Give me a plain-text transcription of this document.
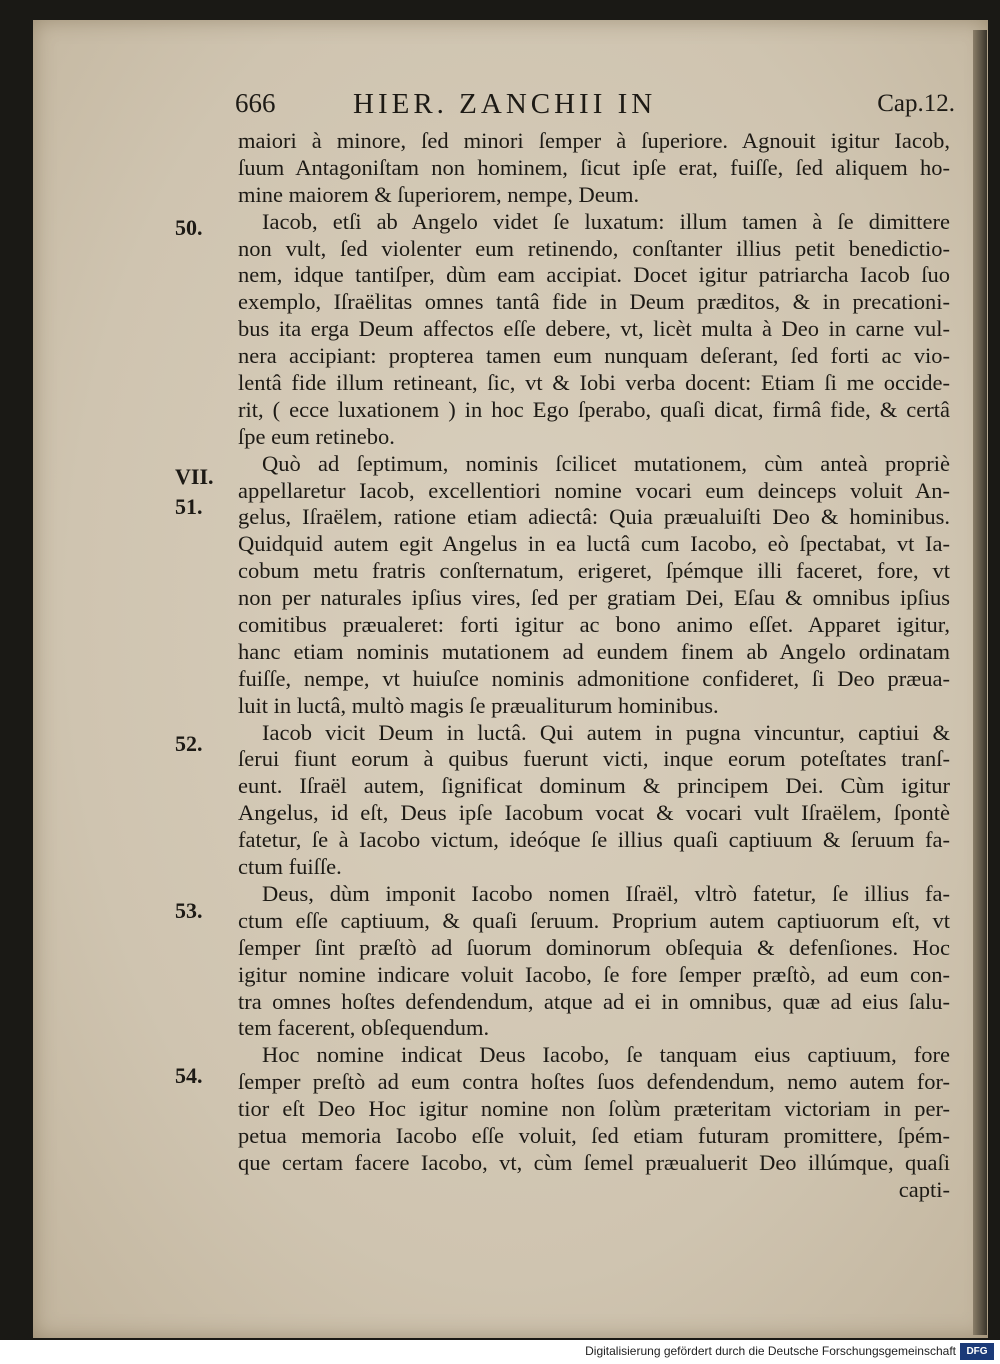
666	HIER. ZANCHII IN	Cap.12.
50.
VII.
51.
52.
53.
54.
maiori à minore, ſed minori ſemper à ſuperiore. Agnouit igitur Iacob,
ſuum Antagoniſtam non hominem, ſicut ipſe erat, fuiſſe, ſed aliquem ho-
mine maiorem & ſuperiorem, nempe, Deum.
Iacob, etſi ab Angelo videt ſe luxatum: illum tamen à ſe dimittere
non vult, ſed violenter eum retinendo, conſtanter illius petit benedictio-
nem, idque tantiſper, dùm eam accipiat. Docet igitur patriarcha Iacob ſuo
exemplo, Iſraëlitas omnes tantâ fide in Deum præditos, & in precationi-
bus ita erga Deum affectos eſſe debere, vt, licèt multa à Deo in carne vul-
nera accipiant: propterea tamen eum nunquam deſerant, ſed forti ac vio-
lentâ fide illum retineant, ſic, vt & Iobi verba docent: Etiam ſi me occide-
rit, ( ecce luxationem ) in hoc Ego ſperabo, quaſi dicat, firmâ fide, & certâ
ſpe eum retinebo.
Quò ad ſeptimum, nominis ſcilicet mutationem, cùm anteà propriè
appellaretur Iacob, excellentiori nomine vocari eum deinceps voluit An-
gelus, Iſraëlem, ratione etiam adiectâ: Quia præualuiſti Deo & hominibus.
Quidquid autem egit Angelus in ea luctâ cum Iacobo, eò ſpectabat, vt Ia-
cobum metu fratris conſternatum, erigeret, ſpémque illi faceret, fore, vt
non per naturales ipſius vires, ſed per gratiam Dei, Eſau & omnibus ipſius
comitibus præualeret: forti igitur ac bono animo eſſet. Apparet igitur,
hanc etiam nominis mutationem ad eundem finem ab Angelo ordinatam
fuiſſe, nempe, vt huiuſce nominis admonitione confideret, ſi Deo præua-
luit in luctâ, multò magis ſe præualiturum hominibus.
Iacob vicit Deum in luctâ. Qui autem in pugna vincuntur, captiui &
ſerui fiunt eorum à quibus fuerunt victi, inque eorum poteſtates tranſ-
eunt. Iſraël autem, ſignificat dominum & principem Dei. Cùm igitur
Angelus, id eſt, Deus ipſe Iacobum vocat & vocari vult Iſraëlem, ſpontè
fatetur, ſe à Iacobo victum, ideóque ſe illius quaſi captiuum & ſeruum fa-
ctum fuiſſe.
Deus, dùm imponit Iacobo nomen Iſraël, vltrò fatetur, ſe illius fa-
ctum eſſe captiuum, & quaſi ſeruum. Proprium autem captiuorum eſt, vt
ſemper ſint præſtò ad ſuorum dominorum obſequia & defenſiones. Hoc
igitur nomine indicare voluit Iacobo, ſe fore ſemper præſtò, ad eum con-
tra omnes hoſtes defendendum, atque ad ei in omnibus, quæ ad eius ſalu-
tem facerent, obſequendum.
Hoc nomine indicat Deus Iacobo, ſe tanquam eius captiuum, fore
ſemper preſtò ad eum contra hoſtes ſuos defendendum, nemo autem for-
tior eſt Deo Hoc igitur nomine non ſolùm præteritam victoriam in per-
petua memoria Iacobo eſſe voluit, ſed etiam futuram promittere, ſpém-
que certam facere Iacobo, vt, cùm ſemel præualuerit Deo illúmque, quaſi
capti-
Digitalisierung gefördert durch die Deutsche Forschungsgemeinschaft	DFG
